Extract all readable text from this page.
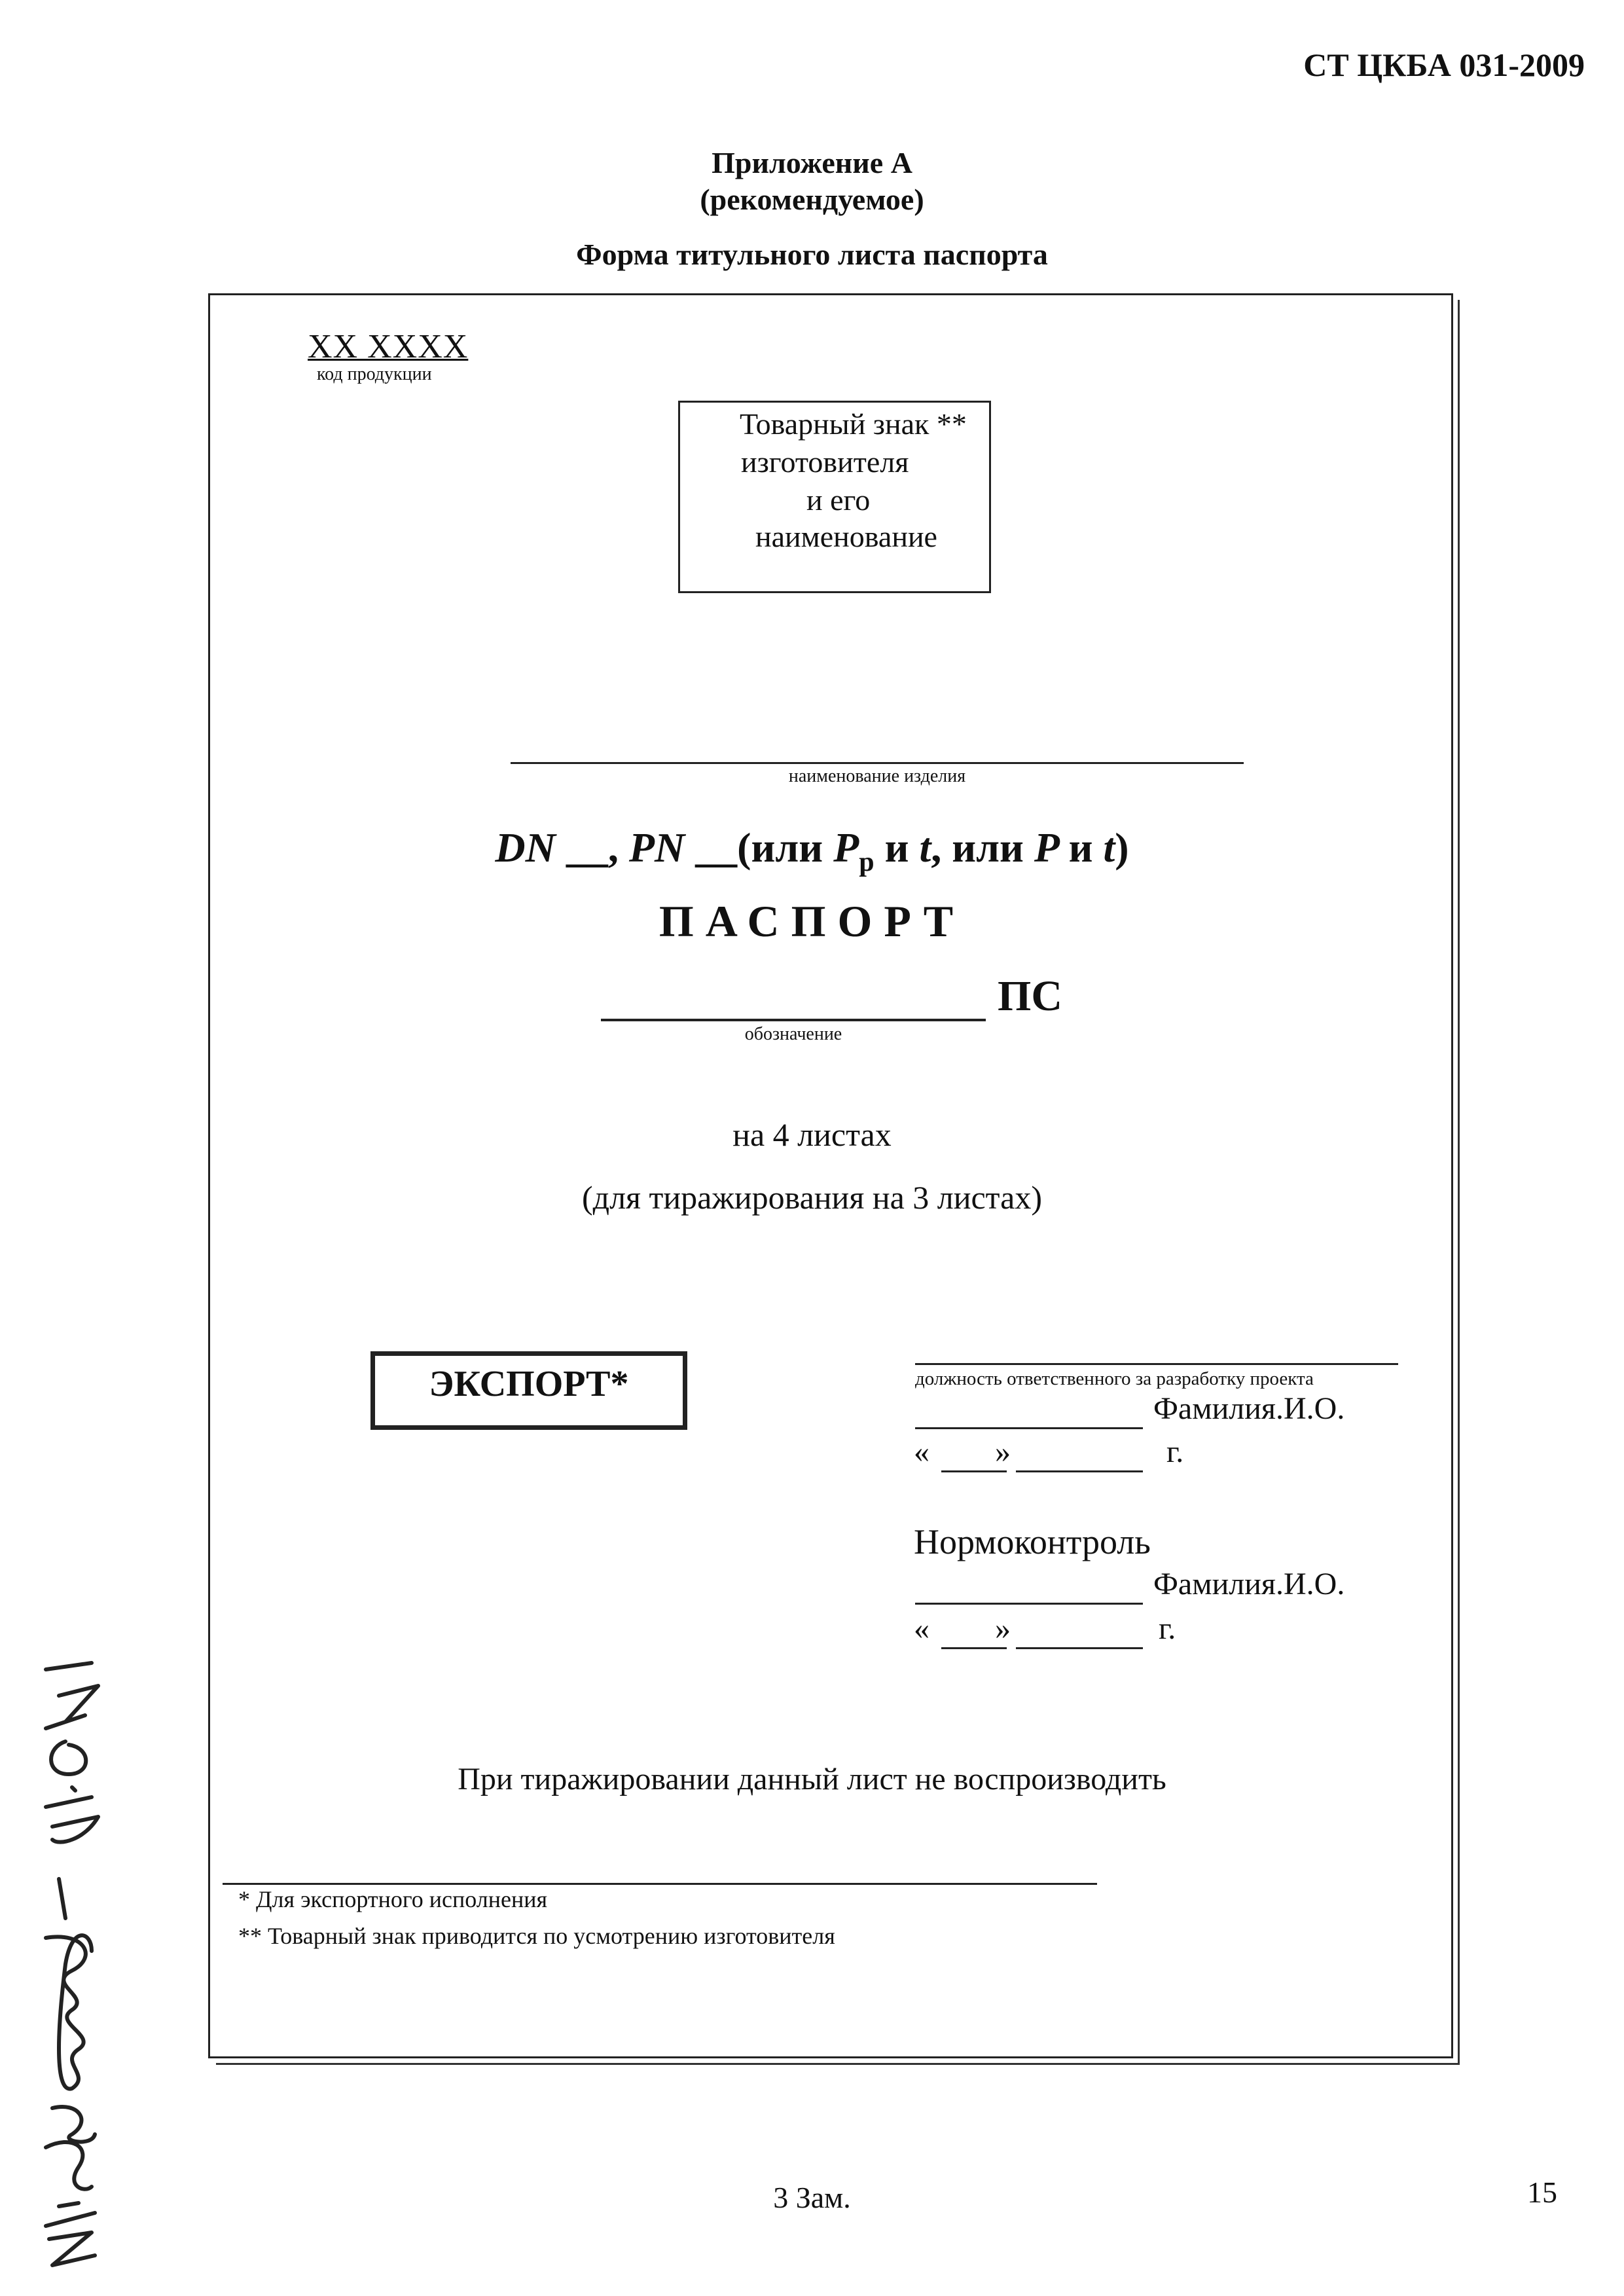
СТ ЦКБА 031-2009
Приложение А
(рекомендуемое)
Форма титульного листа паспорта
XX XXXX
код продукции
Товарный знак **
изготовителя
и его
наименование
наименование изделия
DN __, PN __(или $P_р$ и t, или P и t)
ПАСПОРТ
обозначение
ПС
на 4 листах
(для тиражирования на 3 листах)
ЭКСПОРТ*	должность ответственного за разработку проекта
Фамилия.И.О.
« »	г.
Нормоконтроль
Фамилия.И.О.
« »	г.
При тиражировании данный лист не воспроизводить
* Для экспортного исполнения
** Товарный знак приводится по усмотрению изготовителя
3 Зам.	15
